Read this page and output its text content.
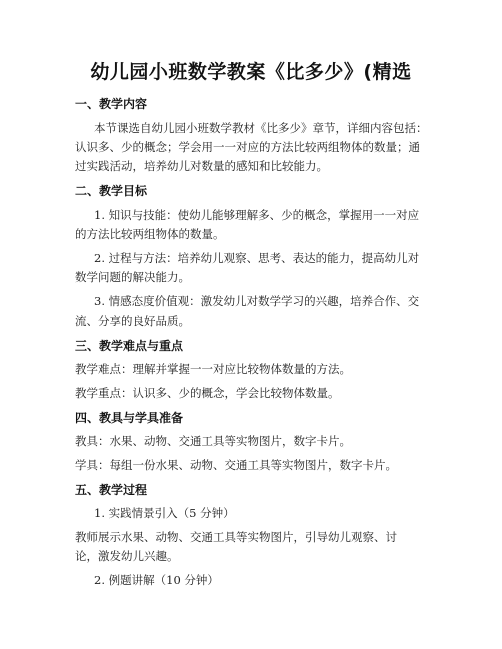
幼儿园小班数学教案《比多少》(精选
一、教学内容
本节课选自幼儿园小班数学教材《比多少》章节，详细内容包括：
认识多、少的概念；学会用一一对应的方法比较两组物体的数量；通
过实践活动，培养幼儿对数量的感知和比较能力。
二、教学目标
1. 知识与技能：使幼儿能够理解多、少的概念，掌握用一一对应
的方法比较两组物体的数量。
2. 过程与方法：培养幼儿观察、思考、表达的能力，提高幼儿对
数学问题的解决能力。
3. 情感态度价值观：激发幼儿对数学学习的兴趣，培养合作、交
流、分享的良好品质。
三、教学难点与重点
教学难点：理解并掌握一一对应比较物体数量的方法。
教学重点：认识多、少的概念，学会比较物体数量。
四、教具与学具准备
教具：水果、动物、交通工具等实物图片，数字卡片。
学具：每组一份水果、动物、交通工具等实物图片，数字卡片。
五、教学过程
1. 实践情景引入（5 分钟）
教师展示水果、动物、交通工具等实物图片，引导幼儿观察、讨
论，激发幼儿兴趣。
2. 例题讲解（10 分钟）
